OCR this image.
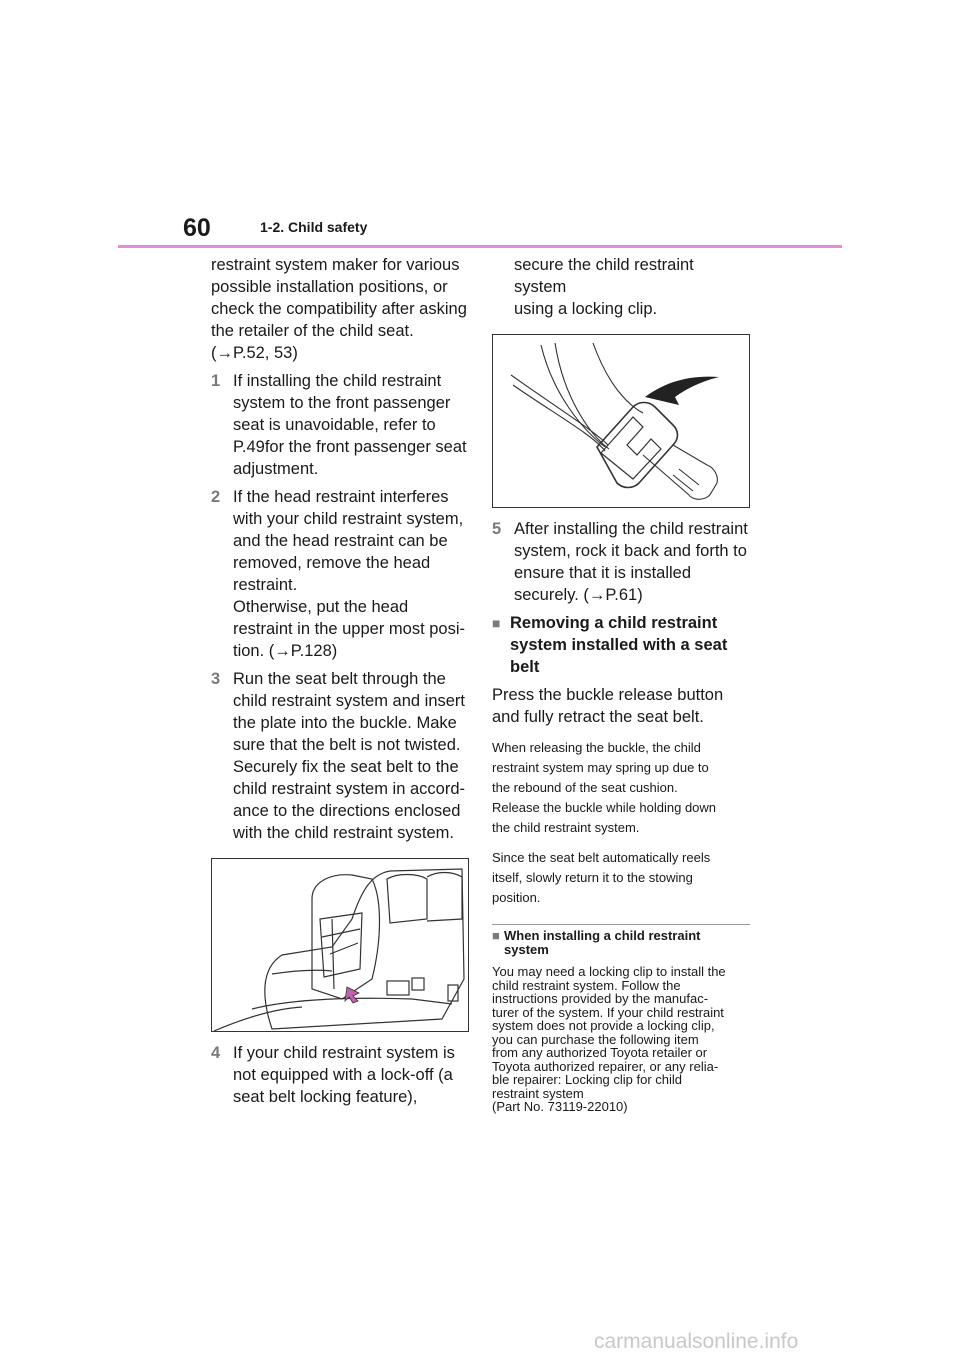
60	1-2. Child safety

restraint system maker for various

possible installation positions, or

check the compatibility after asking

the retailer of the child seat.

(→P.52, 53)

1 If installing the child restraint

system to the front passenger

seat is unavoidable, refer to

P.49for the front passenger seat

adjustment.

2 If the head restraint interferes

with your child restraint system,

and the head restraint can be

removed, remove the head

restraint.

Otherwise, put the head

restraint in the upper most posi-

tion. (→P.128)

3 Run the seat belt through the

child restraint system and insert

the plate into the buckle. Make

sure that the belt is not twisted.

Securely fix the seat belt to the

child restraint system in accord-

ance to the directions enclosed

with the child restraint system.

4 If your child restraint system is

not equipped with a lock-off (a

seat belt locking feature),

secure the child restraint system

using a locking clip.

5 After installing the child restraint

system, rock it back and forth to

ensure that it is installed

securely. (→P.61)

■ Removing a child restraint
system installed with a seat
belt

Press the buckle release button

and fully retract the seat belt.

When releasing the buckle, the child
restraint system may spring up due to
the rebound of the seat cushion.
Release the buckle while holding down
the child restraint system.
Since the seat belt automatically reels
itself, slowly return it to the stowing
position.
■ When installing a child restraint
system
You may need a locking clip to install the
child restraint system. Follow the
instructions provided by the manufac-
turer of the system. If your child restraint
system does not provide a locking clip,
you can purchase the following item
from any authorized Toyota retailer or
Toyota authorized repairer, or any relia-
ble repairer: Locking clip for child
restraint system
(Part No. 73119-22010)
carmanualsonline.info
